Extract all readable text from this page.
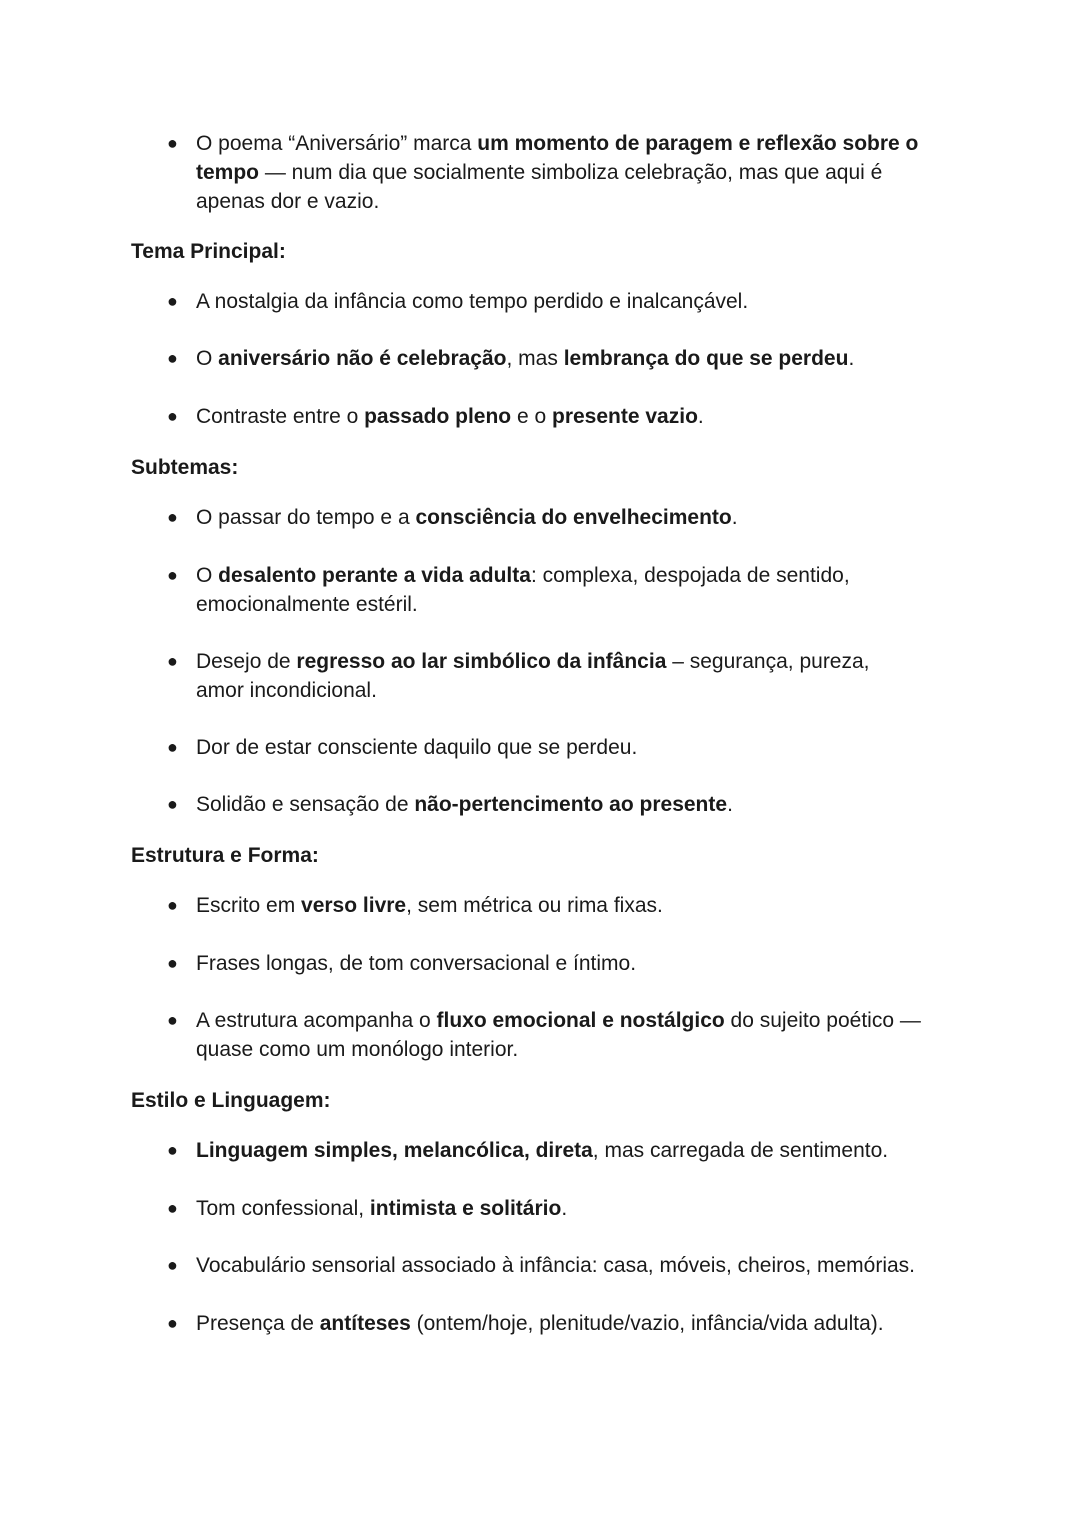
● O poema “Aniversário” marca um momento de paragem e reflexão sobre o tempo — num dia que socialmente simboliza celebração, mas que aqui é apenas dor e vazio.

Tema Principal:

● A nostalgia da infância como tempo perdido e inalcançável.

● O aniversário não é celebração, mas lembrança do que se perdeu.

● Contraste entre o passado pleno e o presente vazio.

Subtemas:

● O passar do tempo e a consciência do envelhecimento.

● O desalento perante a vida adulta: complexa, despojada de sentido, emocionalmente estéril.

● Desejo de regresso ao lar simbólico da infância – segurança, pureza, amor incondicional.

● Dor de estar consciente daquilo que se perdeu.

● Solidão e sensação de não-pertencimento ao presente.

Estrutura e Forma:

● Escrito em verso livre, sem métrica ou rima fixas.

● Frases longas, de tom conversacional e íntimo.

● A estrutura acompanha o fluxo emocional e nostálgico do sujeito poético — quase como um monólogo interior.

Estilo e Linguagem:

● Linguagem simples, melancólica, direta, mas carregada de sentimento.

● Tom confessional, intimista e solitário.

● Vocabulário sensorial associado à infância: casa, móveis, cheiros, memórias.

● Presença de antíteses (ontem/hoje, plenitude/vazio, infância/vida adulta).
